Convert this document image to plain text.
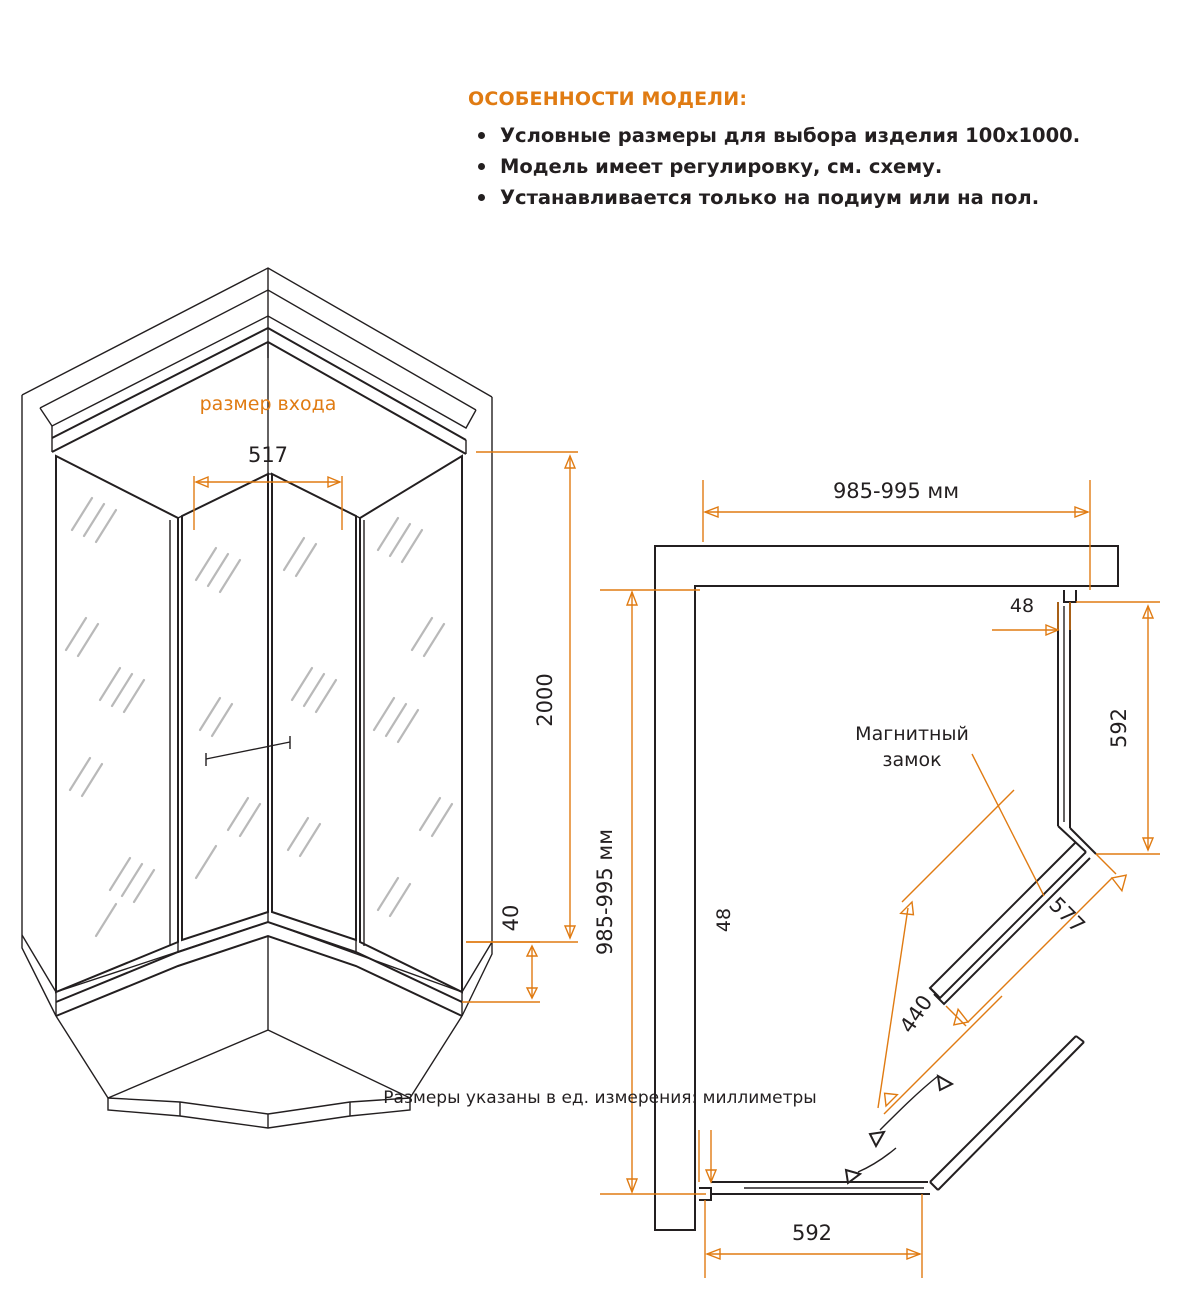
ОСОБЕННОСТИ МОДЕЛИ:
Условные размеры для выбора изделия 100x1000.
Модель имеет регулировку, см. схему.
Устанавливается только на подиум или на пол.
размер входа
517
2000
40
985-995 мм
985-995 мм
48
592
48
592
440
577
Магнитный
замок
Размеры указаны в ед. измерения: миллиметры
